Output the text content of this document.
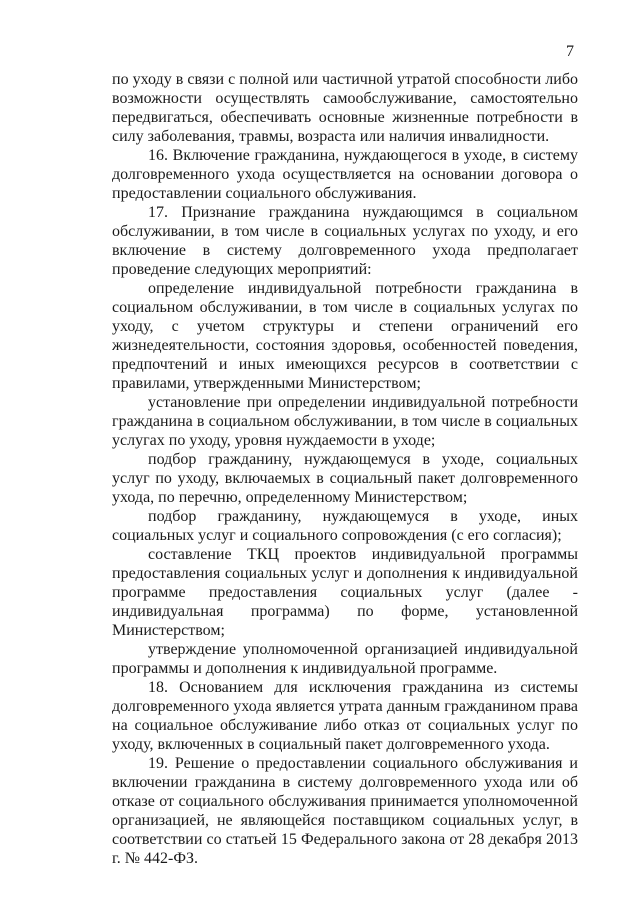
7

по уходу в связи с полной или частичной утратой способности либо возможности осуществлять самообслуживание, самостоятельно передвигаться, обеспечивать основные жизненные потребности в силу заболевания, травмы, возраста или наличия инвалидности.

16. Включение гражданина, нуждающегося в уходе, в систему долговременного ухода осуществляется на основании договора о предоставлении социального обслуживания.

17. Признание гражданина нуждающимся в социальном обслуживании, в том числе в социальных услугах по уходу, и его включение в систему долговременного ухода предполагает проведение следующих мероприятий:

определение индивидуальной потребности гражданина в социальном обслуживании, в том числе в социальных услугах по уходу, с учетом структуры и степени ограничений его жизнедеятельности, состояния здоровья, особенностей поведения, предпочтений и иных имеющихся ресурсов в соответствии с правилами, утвержденными Министерством;

установление при определении индивидуальной потребности гражданина в социальном обслуживании, в том числе в социальных услугах по уходу, уровня нуждаемости в уходе;

подбор гражданину, нуждающемуся в уходе, социальных услуг по уходу, включаемых в социальный пакет долговременного ухода, по перечню, определенному Министерством;

подбор гражданину, нуждающемуся в уходе, иных социальных услуг и социального сопровождения (с его согласия);

составление ТКЦ проектов индивидуальной программы предоставления социальных услуг и дополнения к индивидуальной программе предоставления социальных услуг (далее - индивидуальная программа) по форме, установленной Министерством;

утверждение уполномоченной организацией индивидуальной программы и дополнения к индивидуальной программе.

18. Основанием для исключения гражданина из системы долговременного ухода является утрата данным гражданином права на социальное обслуживание либо отказ от социальных услуг по уходу, включенных в социальный пакет долговременного ухода.

19. Решение о предоставлении социального обслуживания и включении гражданина в систему долговременного ухода или об отказе от социального обслуживания принимается уполномоченной организацией, не являющейся поставщиком социальных услуг, в соответствии со статьей 15 Федерального закона от 28 декабря 2013 г. № 442-ФЗ.
